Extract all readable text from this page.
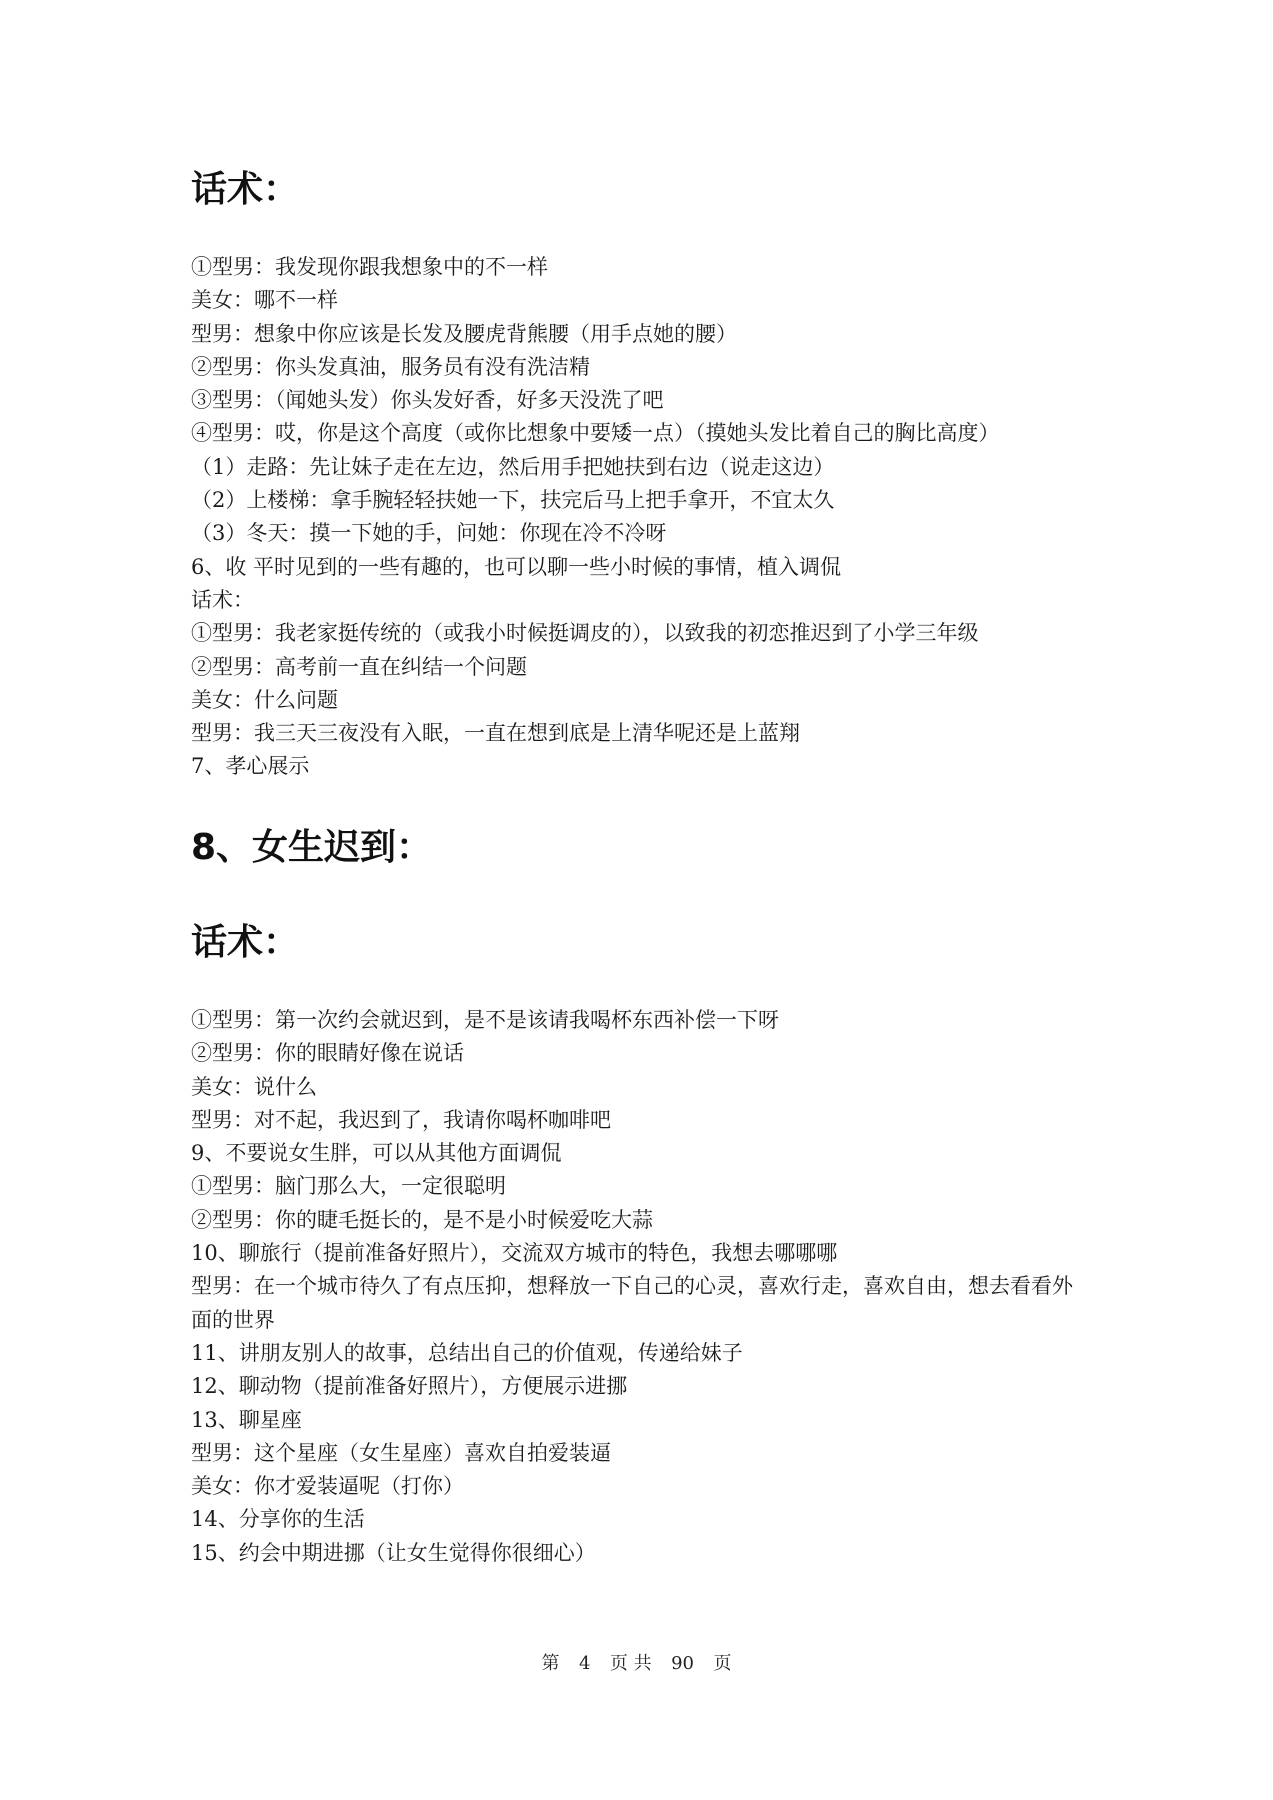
话术：
①型男：我发现你跟我想象中的不一样
美女：哪不一样
型男：想象中你应该是长发及腰虎背熊腰（用手点她的腰）
②型男：你头发真油，服务员有没有洗洁精
③型男：（闻她头发）你头发好香，好多天没洗了吧
④型男：哎，你是这个高度（或你比想象中要矮一点）（摸她头发比着自己的胸比高度）
（1）走路：先让妹子走在左边，然后用手把她扶到右边（说走这边）
（2）上楼梯：拿手腕轻轻扶她一下，扶完后马上把手拿开，不宜太久
（3）冬天：摸一下她的手，问她：你现在冷不冷呀
6、收 平时见到的一些有趣的，也可以聊一些小时候的事情，植入调侃
话术：
①型男：我老家挺传统的（或我小时候挺调皮的），以致我的初恋推迟到了小学三年级
②型男：高考前一直在纠结一个问题
美女：什么问题
型男：我三天三夜没有入眠，一直在想到底是上清华呢还是上蓝翔
7、孝心展示
8、女生迟到：
话术：
①型男：第一次约会就迟到，是不是该请我喝杯东西补偿一下呀
②型男：你的眼睛好像在说话
美女：说什么
型男：对不起，我迟到了，我请你喝杯咖啡吧
9、不要说女生胖，可以从其他方面调侃
①型男：脑门那么大，一定很聪明
②型男：你的睫毛挺长的，是不是小时候爱吃大蒜
10、聊旅行（提前准备好照片），交流双方城市的特色，我想去哪哪哪
型男：在一个城市待久了有点压抑，想释放一下自己的心灵，喜欢行走，喜欢自由，想去看看外面的世界
11、讲朋友别人的故事，总结出自己的价值观，传递给妹子
12、聊动物（提前准备好照片），方便展示进挪
13、聊星座
型男：这个星座（女生星座）喜欢自拍爱装逼
美女：你才爱装逼呢（打你）
14、分享你的生活
15、约会中期进挪（让女生觉得你很细心）
第 4 页 共 90 页
